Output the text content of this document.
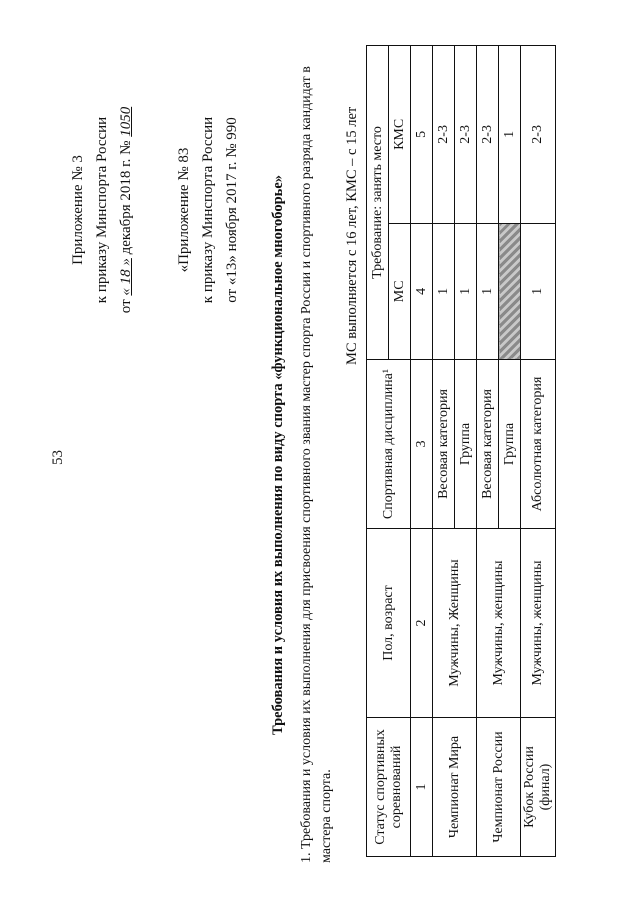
53
Приложение № 3 к приказу Минспорта России
от « 18 » декабря 2018 г. № 1050
«Приложение № 83 к приказу Минспорта России от «13» ноября 2017 г. № 990 Требования и условия их выполнения по виду спорта «функциональное многоборье» 1. Требования и условия их выполнения для присвоения спортивного звания мастер спорта России и спортивного разряда кандидат в мастера спорта.
МС выполняется с 16 лет, КМС – с 15 лет
Статус спортивных соревнований	Пол, возраст	Спортивная дисциплина¹	Требование: занять место	
			МС	КМС
1	2	3	4	5
Чемпионат Мира	Мужчины, Женщины	Весовая категория	1	2-3
		Группа	1	2-3
Чемпионат России	Мужчины, женщины	Весовая категория	1	2-3
		Группа		1
Кубок России (финал)	Мужчины, женщины	Абсолютная категория	1	2-3
